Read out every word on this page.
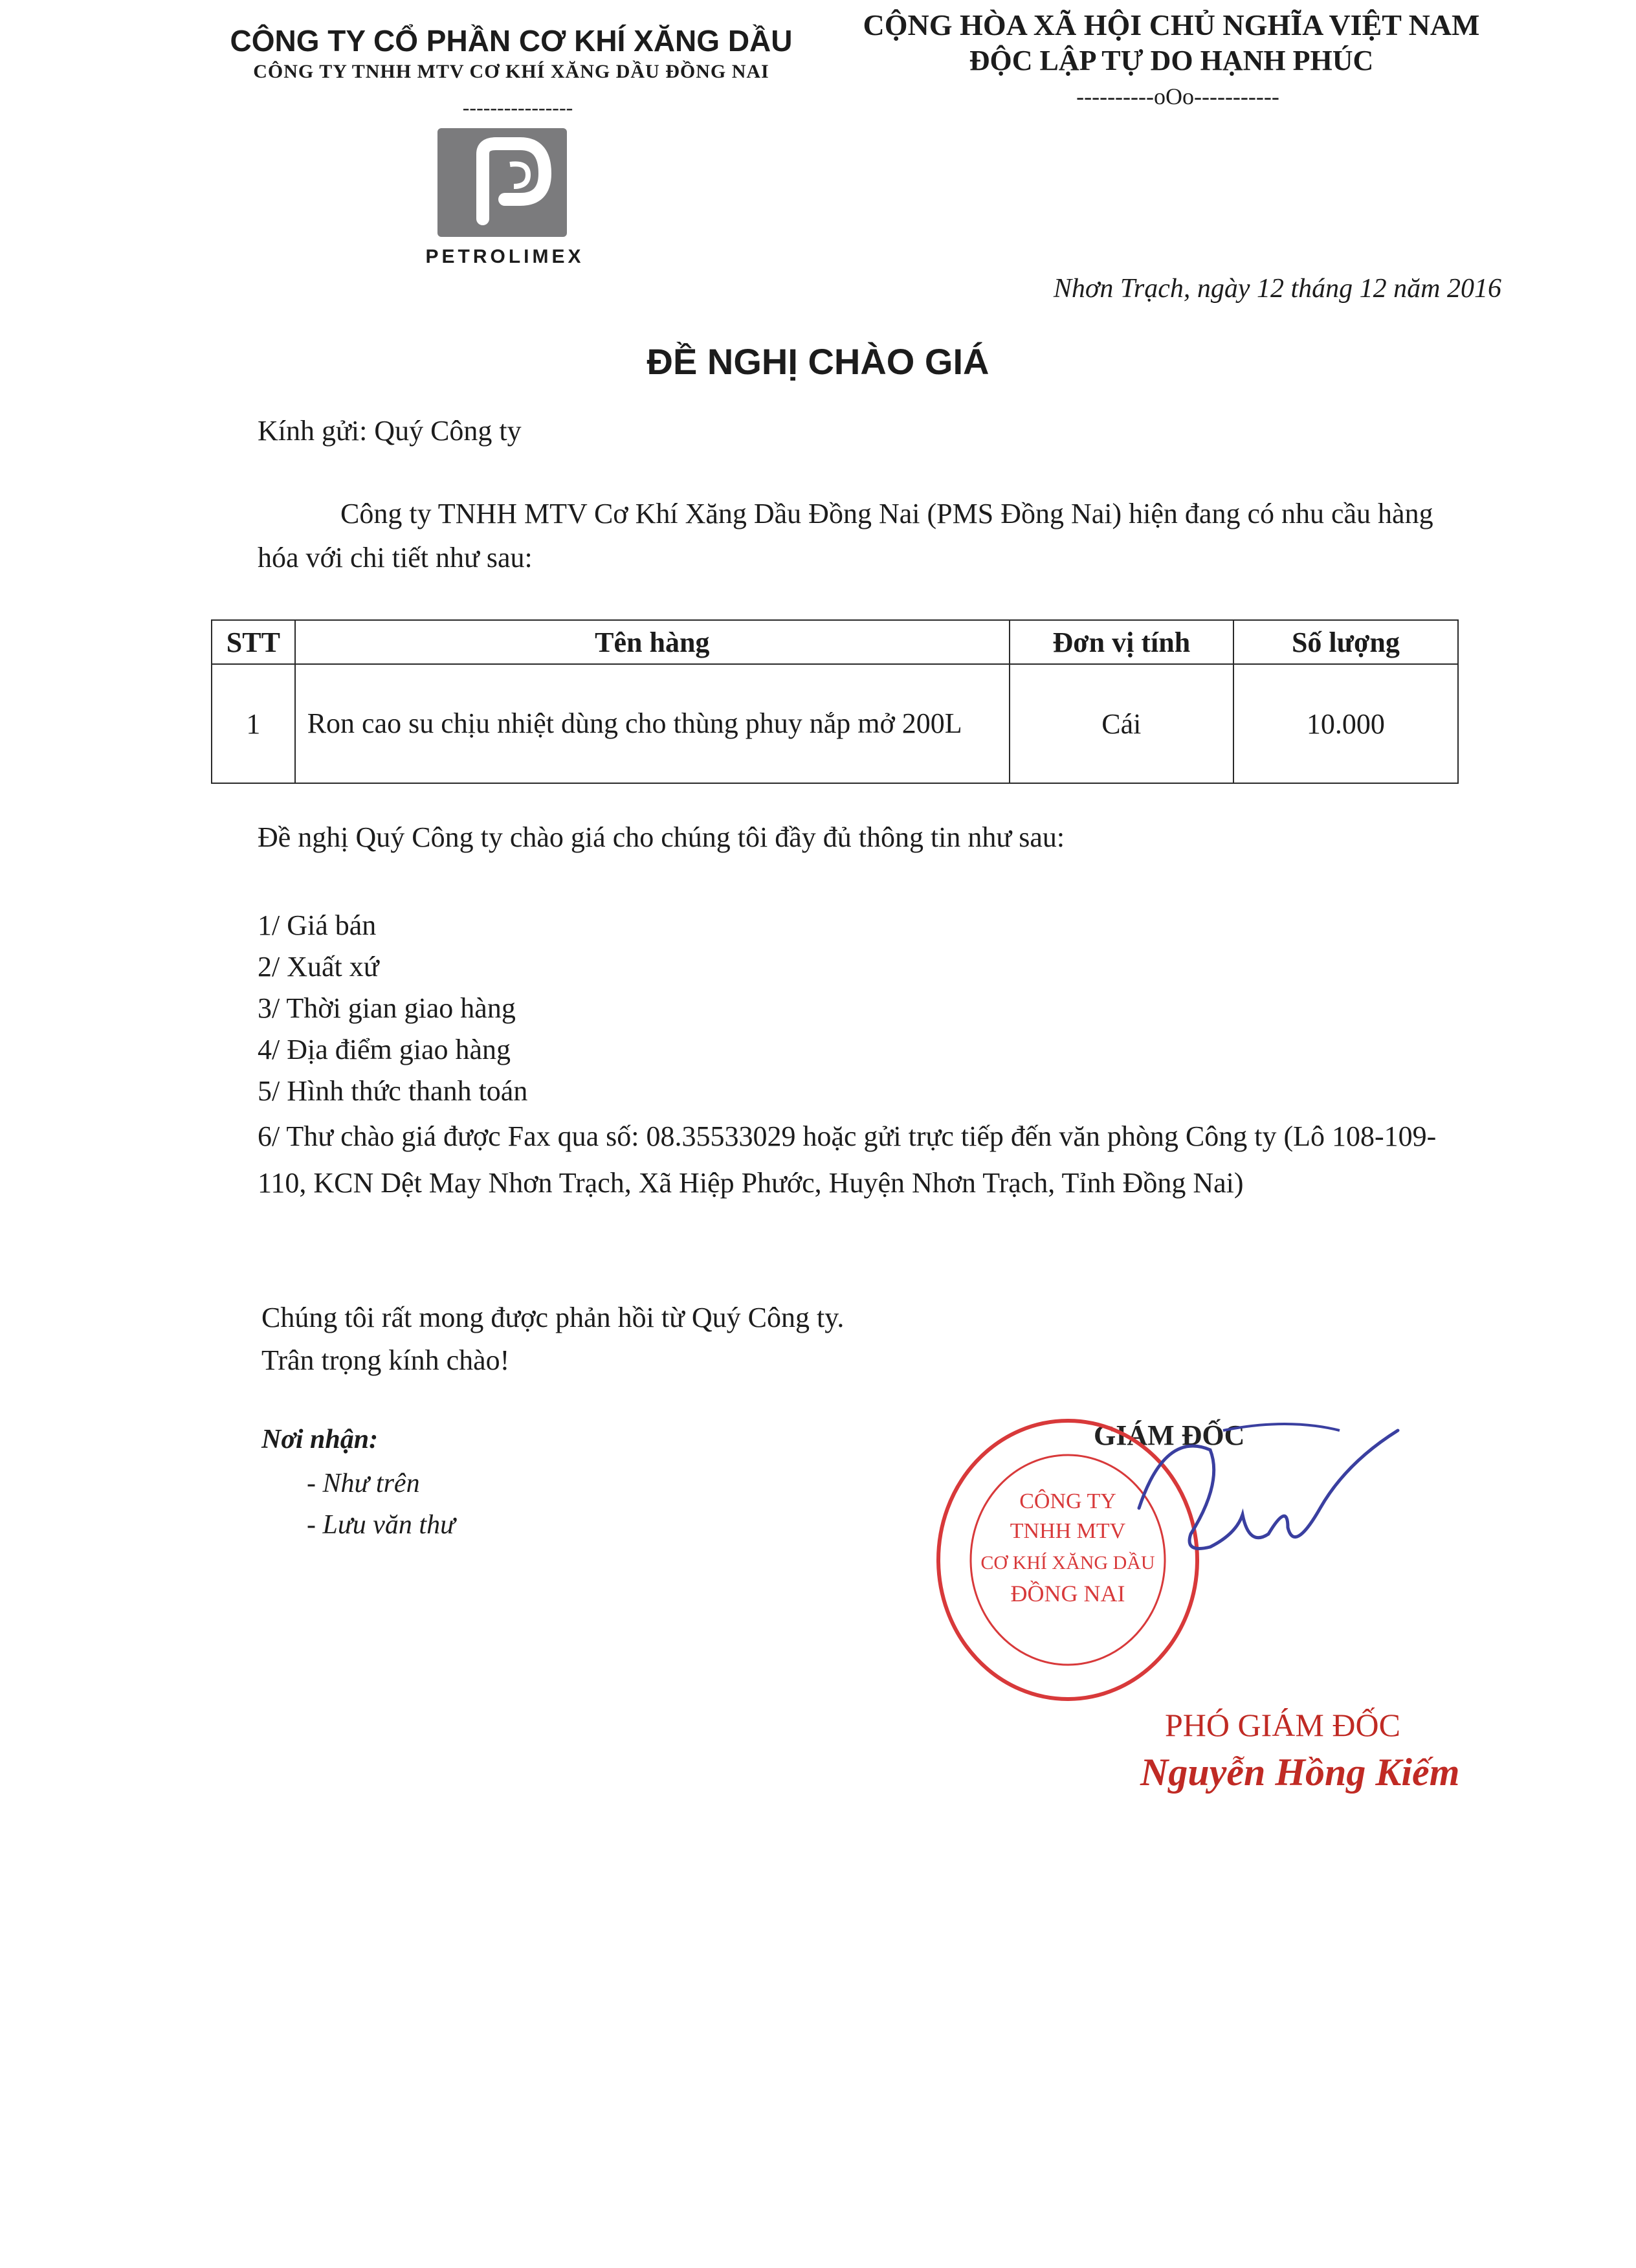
CÔNG TY CỔ PHẦN CƠ KHÍ XĂNG DẦU
CÔNG TY TNHH MTV CƠ KHÍ XĂNG DẦU ĐỒNG NAI
----------------
CỘNG HÒA XÃ HỘI CHỦ NGHĨA VIỆT NAM
ĐỘC LẬP TỰ DO HẠNH PHÚC
----------oOo-----------
PETROLIMEX
Nhơn Trạch, ngày 12 tháng 12 năm 2016
ĐỀ NGHỊ CHÀO GIÁ
Kính gửi: Quý Công ty
Công ty TNHH MTV Cơ Khí Xăng Dầu Đồng Nai (PMS Đồng Nai) hiện đang có nhu cầu hàng hóa với chi tiết như sau:
STT	Tên hàng	Đơn vị tính	Số lượng
1	Ron cao su chịu nhiệt dùng cho thùng phuy nắp mở 200L	Cái	10.000
Đề nghị Quý Công ty chào giá cho chúng tôi đầy đủ thông tin như sau:
1/ Giá bán
2/ Xuất xứ
3/ Thời gian giao hàng
4/ Địa điểm giao hàng
5/ Hình thức thanh toán
6/ Thư chào giá được Fax qua số: 08.35533029 hoặc gửi trực tiếp đến văn phòng Công ty (Lô 108-109-110, KCN Dệt May Nhơn Trạch, Xã Hiệp Phước, Huyện Nhơn Trạch, Tỉnh Đồng Nai)
Chúng tôi rất mong được phản hồi từ Quý Công ty.
Trân trọng kính chào!
Nơi nhận:
- Như trên
- Lưu văn thư
GIÁM ĐỐC
CÔNG TY
TNHH MTV
CƠ KHÍ XĂNG DẦU
ĐỒNG NAI
PHÓ GIÁM ĐỐC
Nguyễn Hồng Kiếm
